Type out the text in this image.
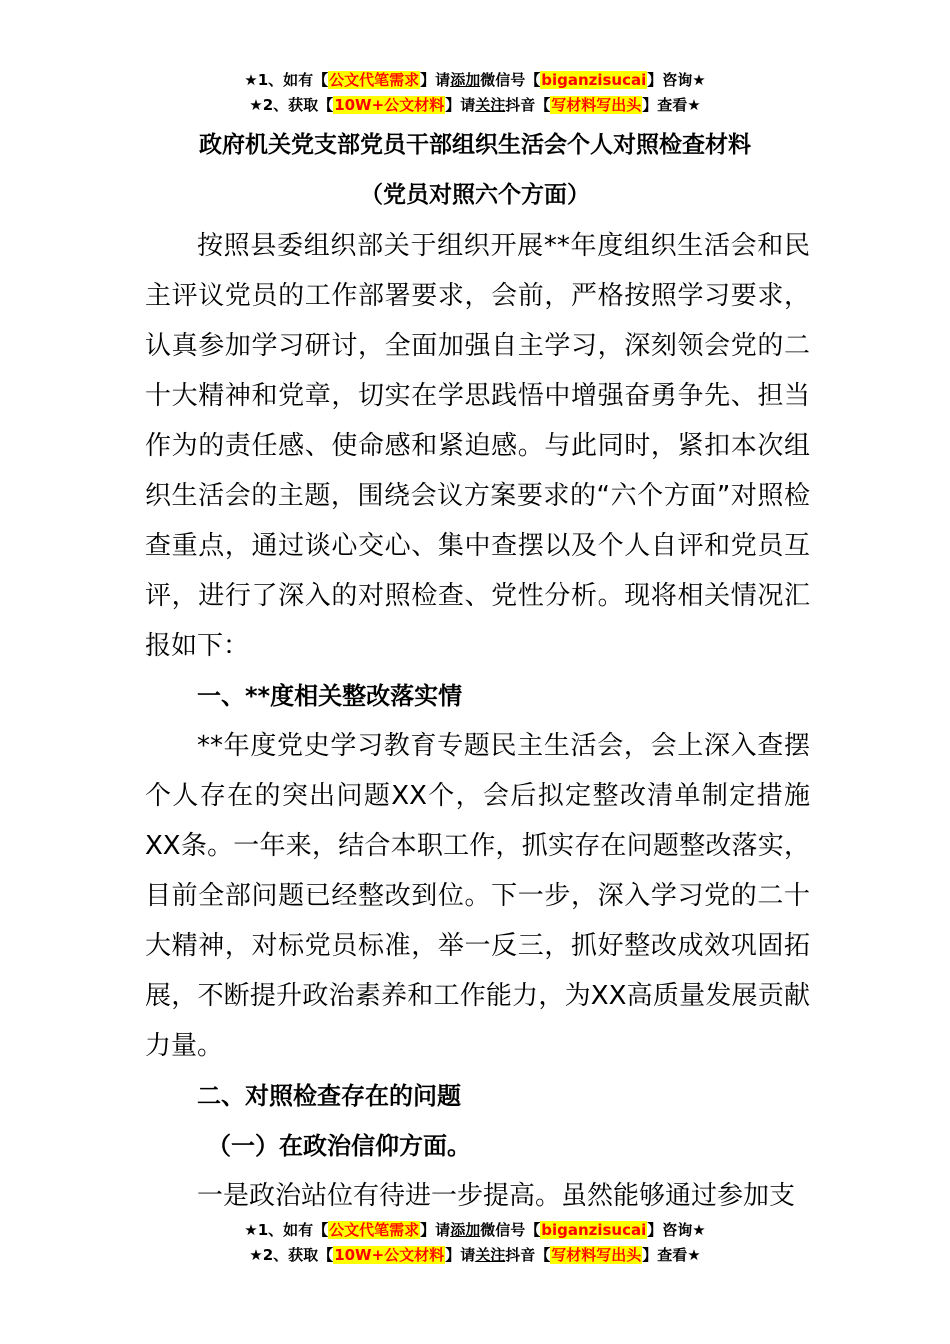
★1、如有【公文代笔需求】请添加微信号【biganzisucai】咨询★
★2、获取【10W+公文材料】请关注抖音【写材料写出头】查看★
政府机关党支部党员干部组织生活会个人对照检查材料
（党员对照六个方面）

按照县委组织部关于组织开展**年度组织生活会和民主评议党员的工作部署要求，会前，严格按照学习要求，认真参加学习研讨，全面加强自主学习，深刻领会党的二十大精神和党章，切实在学思践悟中增强奋勇争先、担当作为的责任感、使命感和紧迫感。与此同时，紧扣本次组织生活会的主题，围绕会议方案要求的“六个方面”对照检查重点，通过谈心交心、集中查摆以及个人自评和党员互评，进行了深入的对照检查、党性分析。现将相关情况汇报如下：

一、**度相关整改落实情

**年度党史学习教育专题民主生活会，会上深入查摆个人存在的突出问题XX个，会后拟定整改清单制定措施XX条。一年来，结合本职工作，抓实存在问题整改落实，目前全部问题已经整改到位。下一步，深入学习党的二十大精神，对标党员标准，举一反三，抓好整改成效巩固拓展，不断提升政治素养和工作能力，为XX高质量发展贡献力量。

二、对照检查存在的问题

（一）在政治信仰方面。

一是政治站位有待进一步提高。虽然能够通过参加支

★1、如有【公文代笔需求】请添加微信号【biganzisucai】咨询★
★2、获取【10W+公文材料】请关注抖音【写材料写出头】查看★
